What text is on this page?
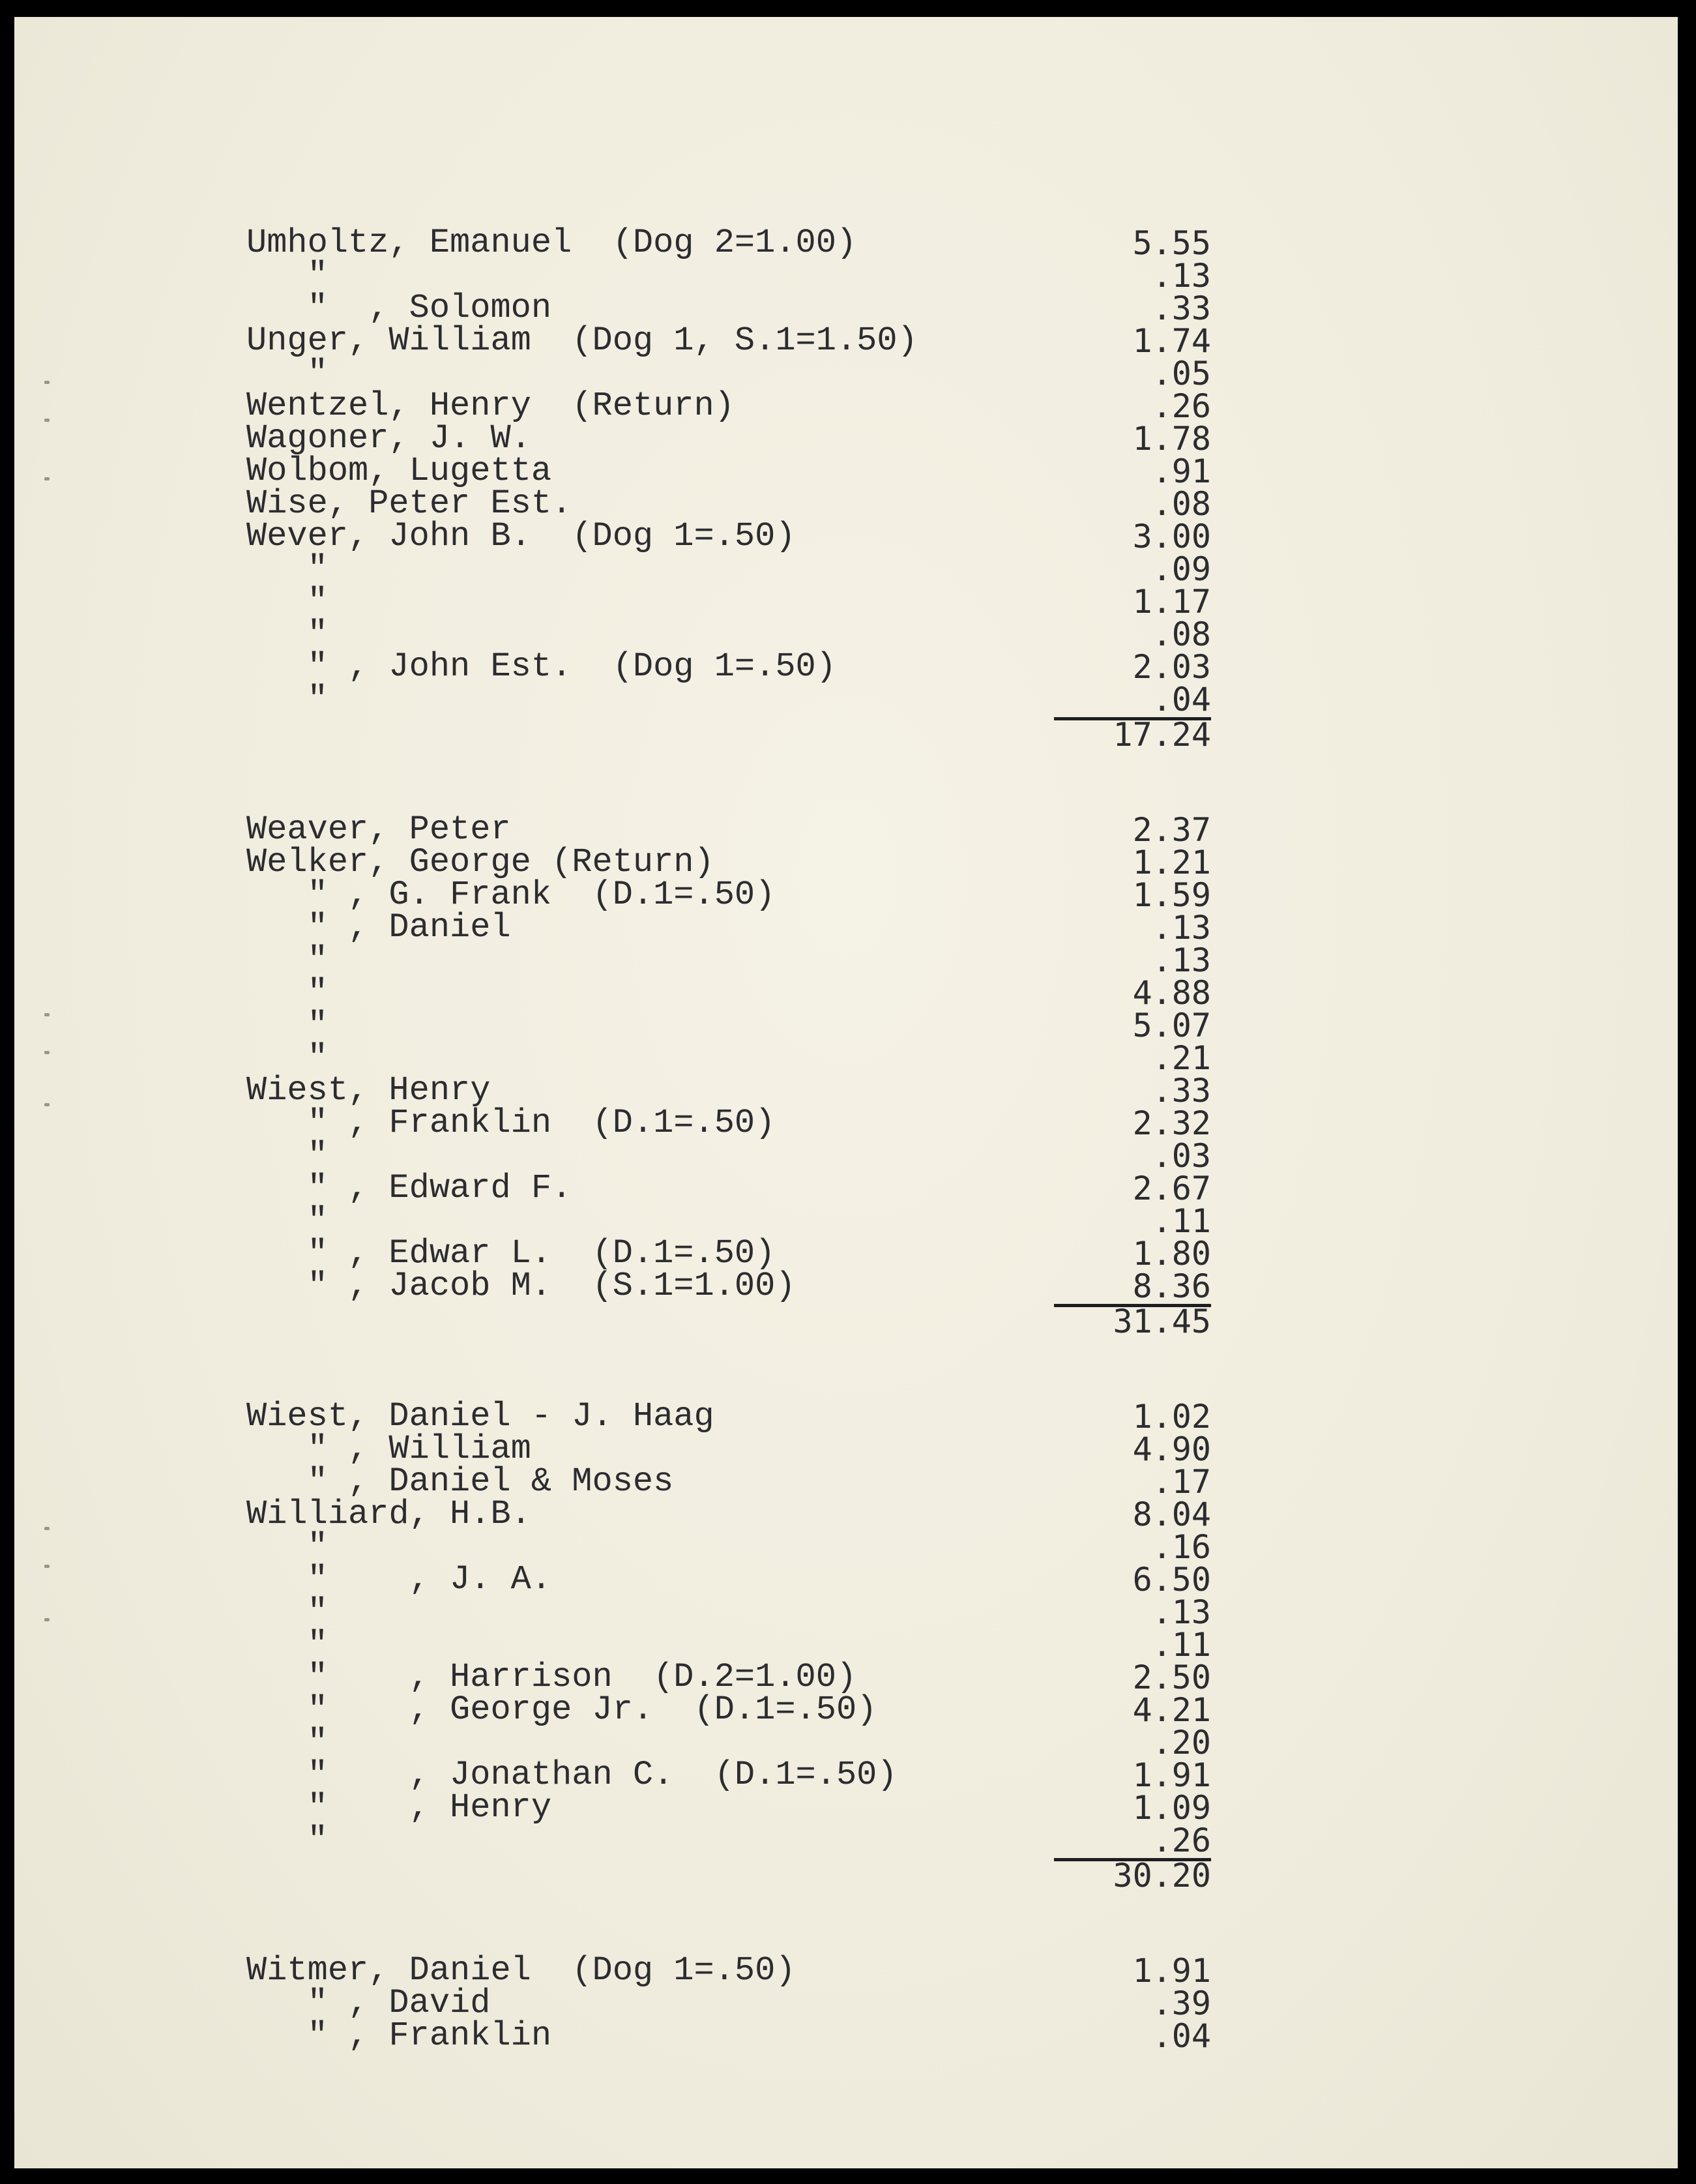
Umholtz, Emanuel  (Dog 2=1.00)	5.55
"	.13
"  , Solomon	.33
Unger, William  (Dog 1, S.1=1.50)	1.74
"	.05
Wentzel, Henry  (Return)	.26
Wagoner, J. W.	1.78
Wolbom, Lugetta	.91
Wise, Peter Est.	.08
Wever, John B.  (Dog 1=.50)	3.00
"	.09
"	1.17
"	.08
" , John Est.  (Dog 1=.50)	2.03
"	.04
17.24
Weaver, Peter	2.37
Welker, George (Return)	1.21
" , G. Frank  (D.1=.50)	1.59
" , Daniel	.13
"	.13
"	4.88
"	5.07
"	.21
Wiest, Henry	.33
" , Franklin  (D.1=.50)	2.32
"	.03
" , Edward F.	2.67
"	.11
" , Edwar L.  (D.1=.50)	1.80
" , Jacob M.  (S.1=1.00)	8.36
31.45
Wiest, Daniel - J. Haag	1.02
" , William	4.90
" , Daniel & Moses	.17
Williard, H.B.	8.04
"	.16
"    , J. A.	6.50
"	.13
"	.11
"    , Harrison  (D.2=1.00)	2.50
"    , George Jr.  (D.1=.50)	4.21
"	.20
"    , Jonathan C.  (D.1=.50)	1.91
"    , Henry	1.09
"	.26
30.20
Witmer, Daniel  (Dog 1=.50)	1.91
" , David	.39
" , Franklin	.04
